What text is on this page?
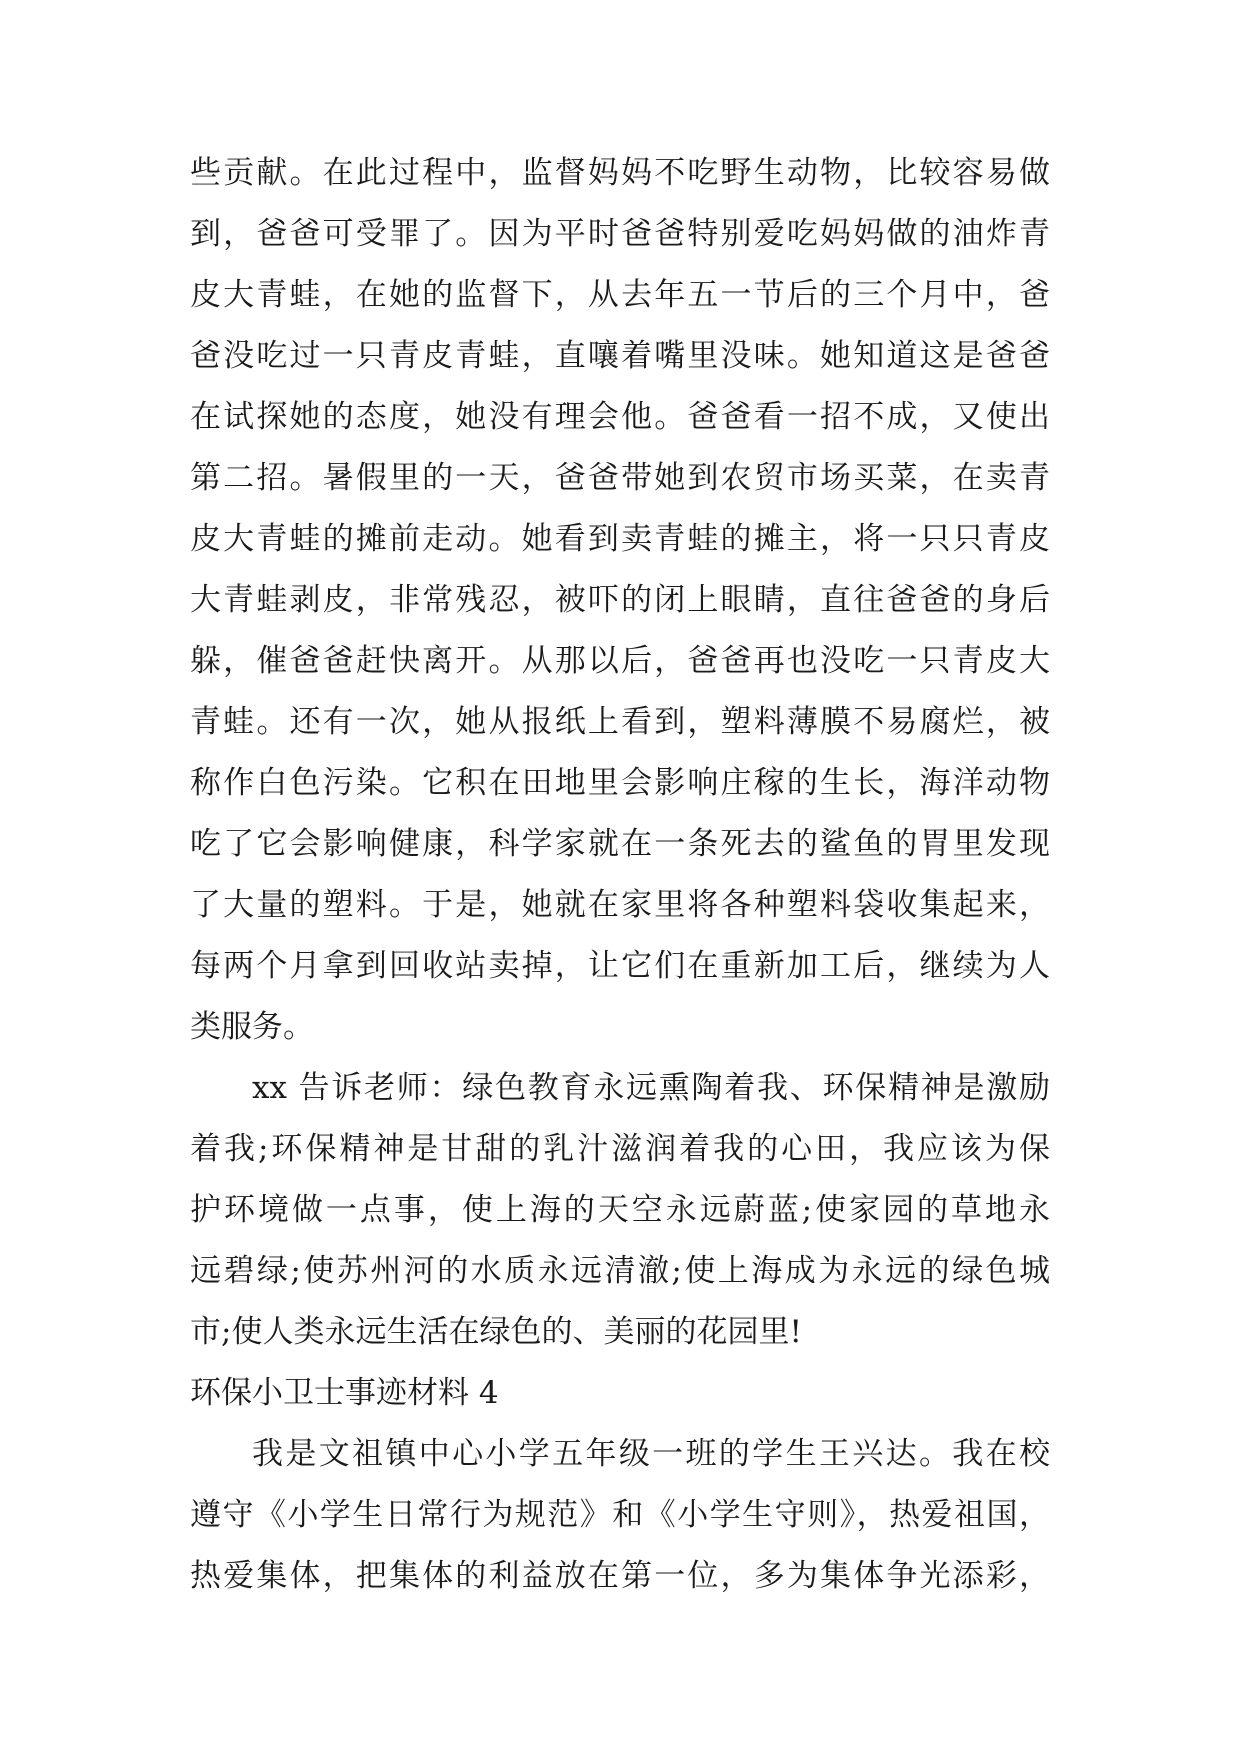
些贡献。在此过程中，监督妈妈不吃野生动物，比较容易做
到，爸爸可受罪了。因为平时爸爸特别爱吃妈妈做的油炸青
皮大青蛙，在她的监督下，从去年五一节后的三个月中，爸
爸没吃过一只青皮青蛙，直嚷着嘴里没味。她知道这是爸爸
在试探她的态度，她没有理会他。爸爸看一招不成，又使出
第二招。暑假里的一天，爸爸带她到农贸市场买菜，在卖青
皮大青蛙的摊前走动。她看到卖青蛙的摊主，将一只只青皮
大青蛙剥皮，非常残忍，被吓的闭上眼睛，直往爸爸的身后
躲，催爸爸赶快离开。从那以后，爸爸再也没吃一只青皮大
青蛙。还有一次，她从报纸上看到，塑料薄膜不易腐烂，被
称作白色污染。它积在田地里会影响庄稼的生长，海洋动物
吃了它会影响健康，科学家就在一条死去的鲨鱼的胃里发现
了大量的塑料。于是，她就在家里将各种塑料袋收集起来，
每两个月拿到回收站卖掉，让它们在重新加工后，继续为人
类服务。
xx 告诉老师：绿色教育永远熏陶着我、环保精神是激励
着我;环保精神是甘甜的乳汁滋润着我的心田，我应该为保
护环境做一点事，使上海的天空永远蔚蓝;使家园的草地永
远碧绿;使苏州河的水质永远清澈;使上海成为永远的绿色城
市;使人类永远生活在绿色的、美丽的花园里!
环保小卫士事迹材料 4
我是文祖镇中心小学五年级一班的学生王兴达。我在校
遵守《小学生日常行为规范》和《小学生守则》，热爱祖国，
热爱集体，把集体的利益放在第一位，多为集体争光添彩，
